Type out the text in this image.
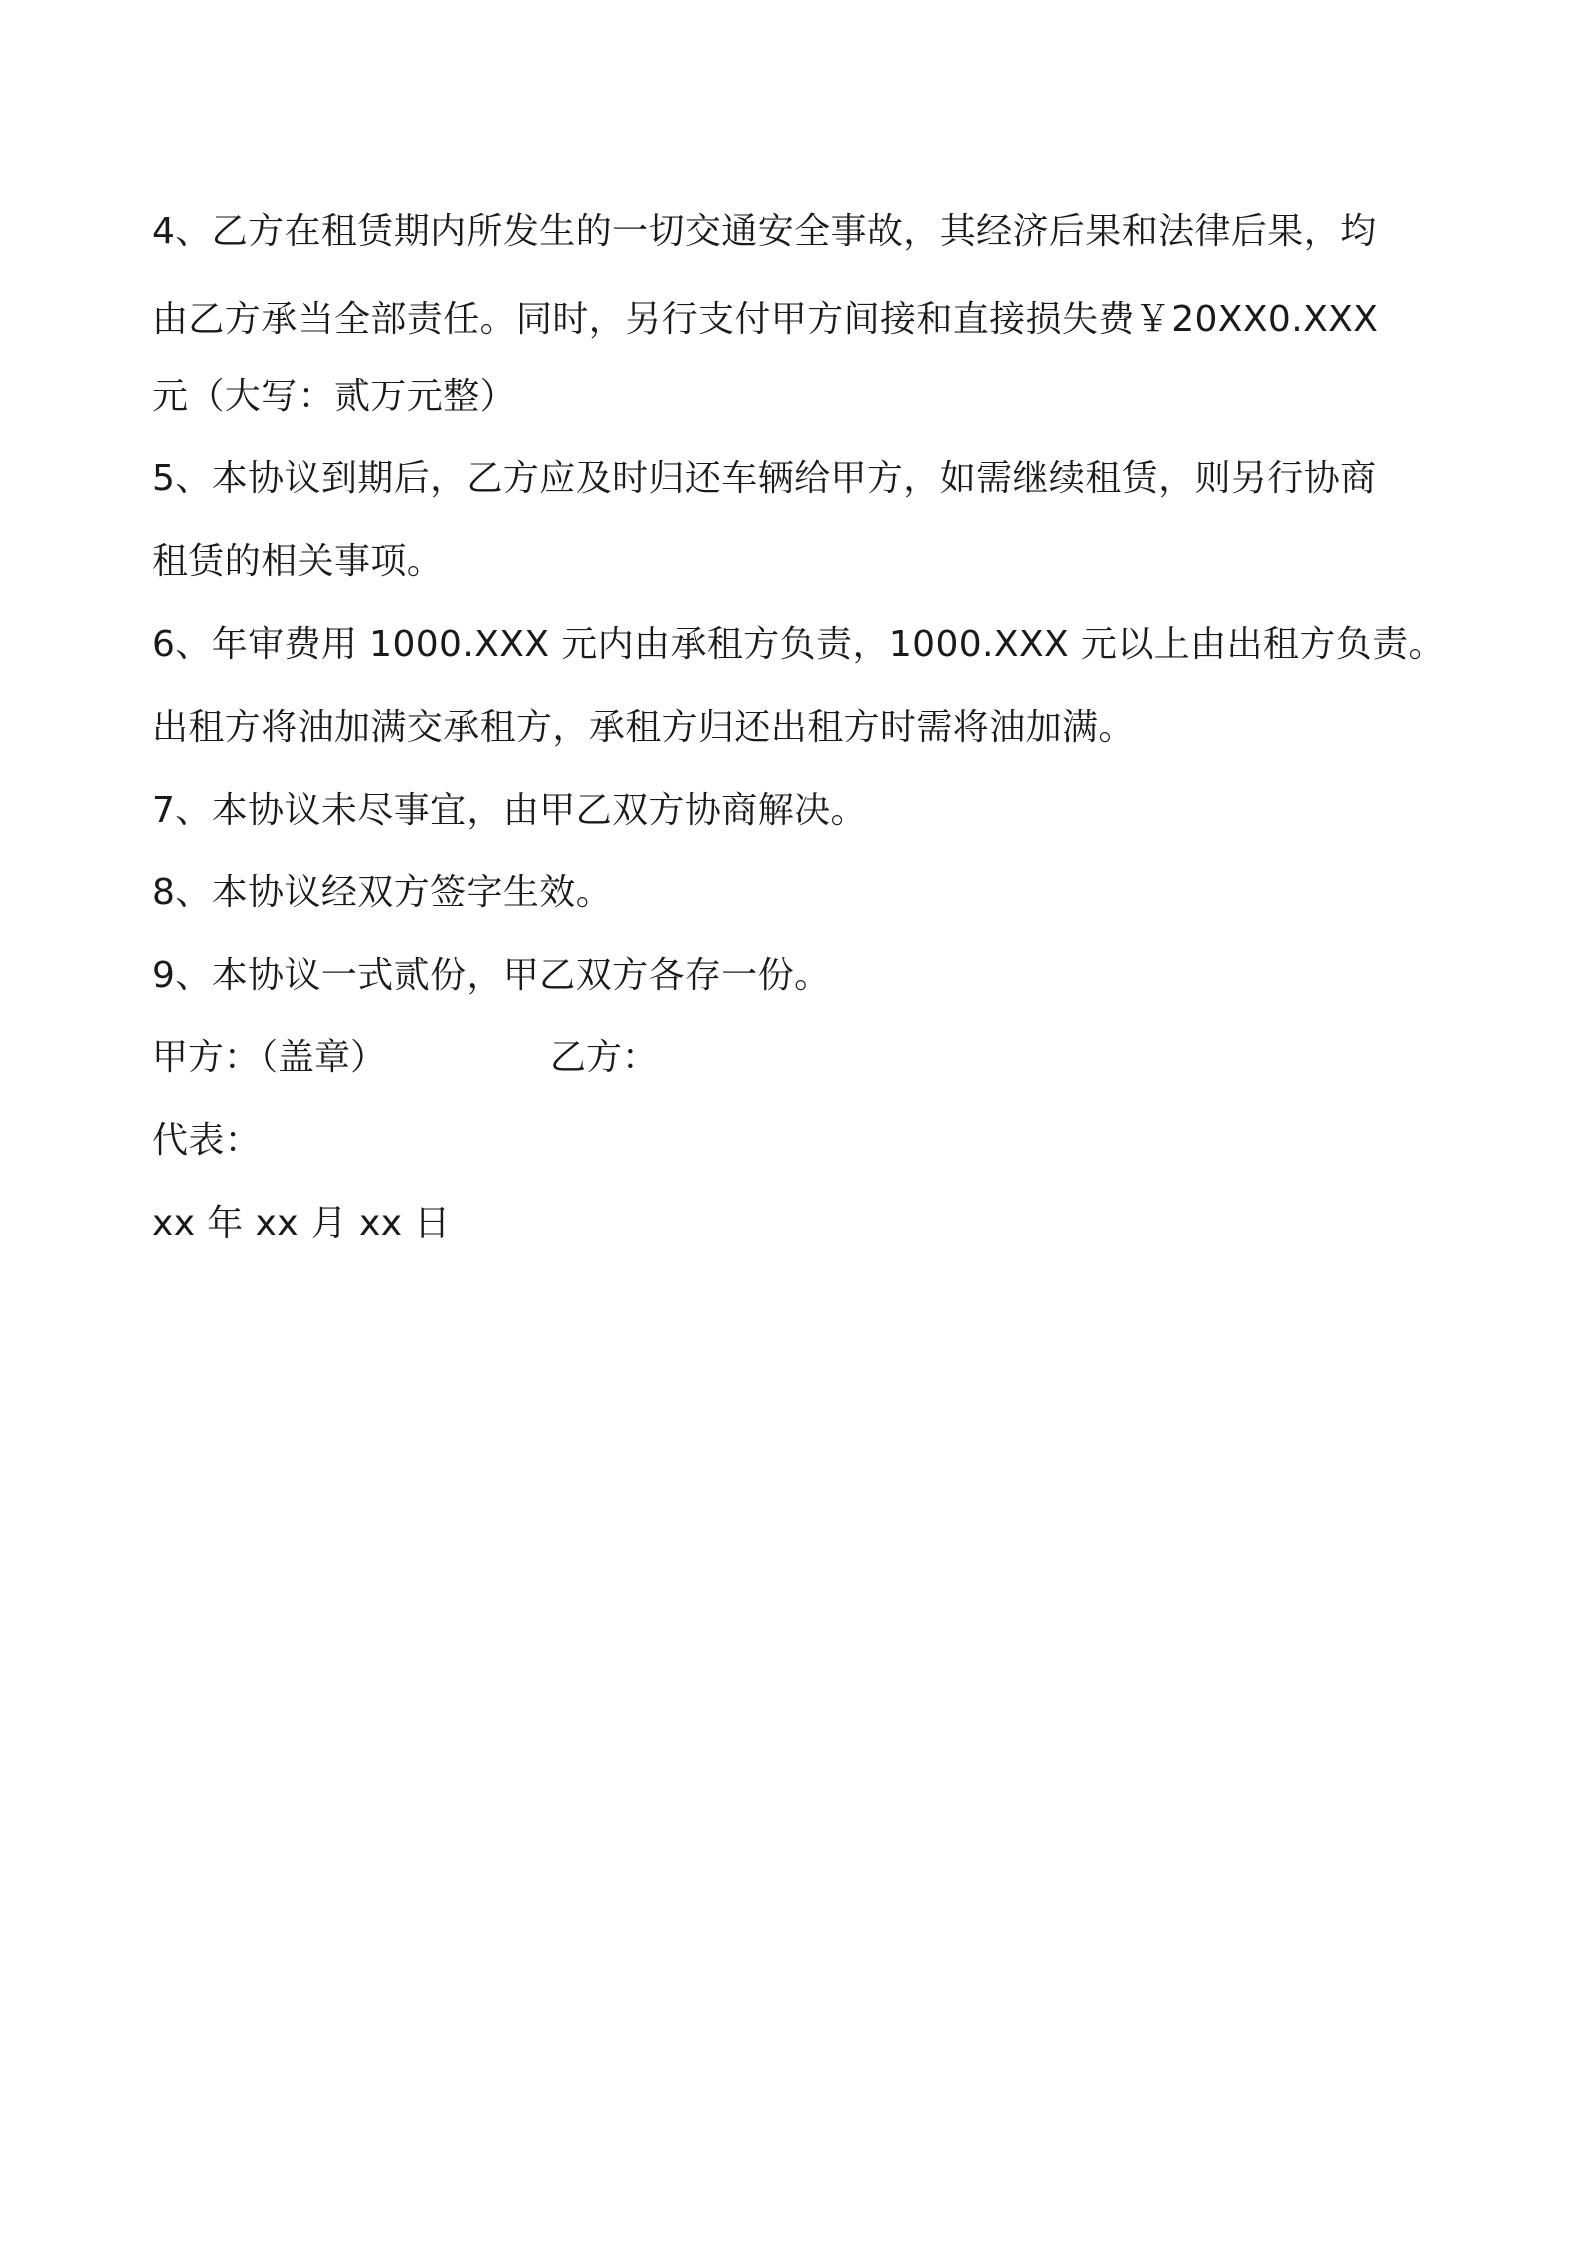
4、乙方在租赁期内所发生的一切交通安全事故，其经济后果和法律后果，均
由乙方承当全部责任。同时，另行支付甲方间接和直接损失费￥20XX0.XXX
元（大写：贰万元整）
5、本协议到期后，乙方应及时归还车辆给甲方，如需继续租赁，则另行协商
租赁的相关事项。
6、年审费用 1000.XXX 元内由承租方负责，1000.XXX 元以上由出租方负责。
出租方将油加满交承租方，承租方归还出租方时需将油加满。
7、本协议未尽事宜，由甲乙双方协商解决。
8、本协议经双方签字生效。
9、本协议一式贰份，甲乙双方各存一份。
甲方：（盖章）	乙方：
代表：
xx 年 xx 月 xx 日
